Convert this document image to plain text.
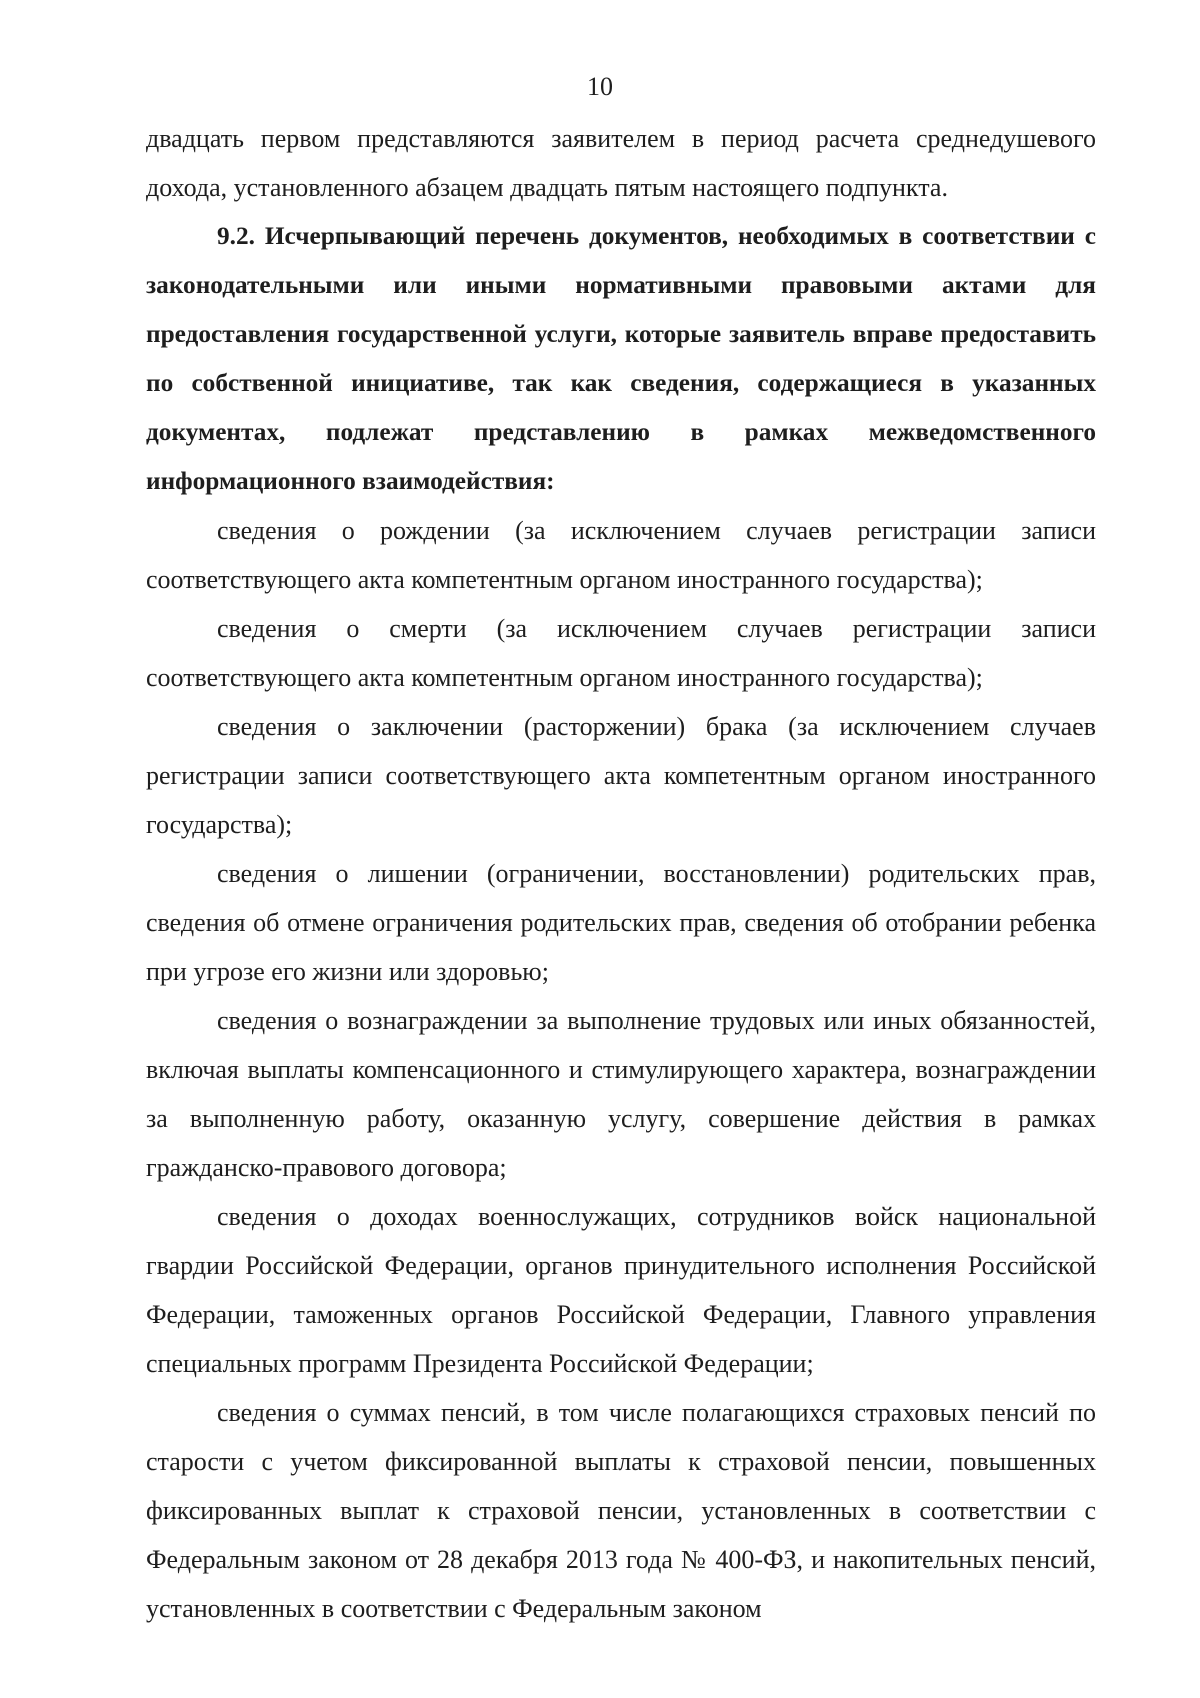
10

двадцать первом представляются заявителем в период расчета среднедушевого дохода, установленного абзацем двадцать пятым настоящего подпункта.

9.2. Исчерпывающий перечень документов, необходимых в соответствии с законодательными или иными нормативными правовыми актами для предоставления государственной услуги, которые заявитель вправе предоставить по собственной инициативе, так как сведения, содержащиеся в указанных документах, подлежат представлению в рамках межведомственного информационного взаимодействия:

сведения о рождении (за исключением случаев регистрации записи соответствующего акта компетентным органом иностранного государства);

сведения о смерти (за исключением случаев регистрации записи соответствующего акта компетентным органом иностранного государства);

сведения о заключении (расторжении) брака (за исключением случаев регистрации записи соответствующего акта компетентным органом иностранного государства);

сведения о лишении (ограничении, восстановлении) родительских прав, сведения об отмене ограничения родительских прав, сведения об отобрании ребенка при угрозе его жизни или здоровью;

сведения о вознаграждении за выполнение трудовых или иных обязанностей, включая выплаты компенсационного и стимулирующего характера, вознаграждении за выполненную работу, оказанную услугу, совершение действия в рамках гражданско-правового договора;

сведения о доходах военнослужащих, сотрудников войск национальной гвардии Российской Федерации, органов принудительного исполнения Российской Федерации, таможенных органов Российской Федерации, Главного управления специальных программ Президента Российской Федерации;

сведения о суммах пенсий, в том числе полагающихся страховых пенсий по старости с учетом фиксированной выплаты к страховой пенсии, повышенных фиксированных выплат к страховой пенсии, установленных в соответствии с Федеральным законом от 28 декабря 2013 года № 400-ФЗ, и накопительных пенсий, установленных в соответствии с Федеральным законом
